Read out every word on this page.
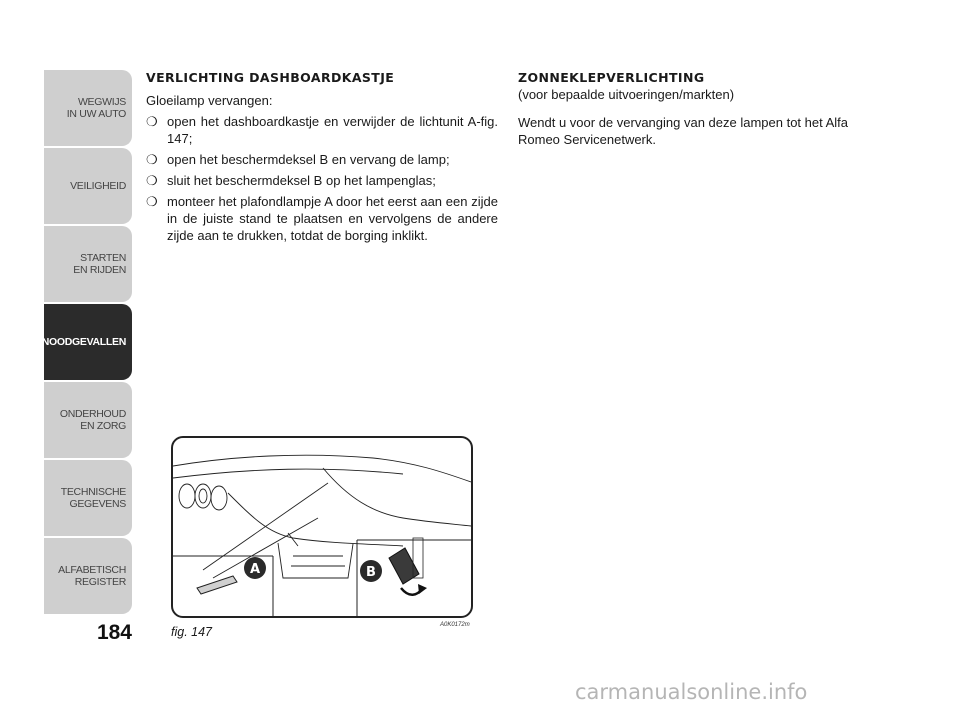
WEGWIJS
IN UW AUTO
VEILIGHEID
STARTEN
EN RIJDEN
NOODGEVALLEN
ONDERHOUD
EN ZORG
TECHNISCHE
GEGEVENS
ALFABETISCH
REGISTER
184
VERLICHTING DASHBOARDKASTJE
Gloeilamp vervangen:
❍ open het dashboardkastje en verwijder de lichtunit A-fig. 147;
❍ open het beschermdeksel B en vervang de lamp;
❍ sluit het beschermdeksel B op het lampenglas;
❍ monteer het plafondlampje A door het eerst aan een zijde in de juiste stand te plaatsen en vervolgens de andere zijde aan te drukken, totdat de borging inklikt.
ZONNEKLEPVERLICHTING
(voor bepaalde uitvoeringen/markten)
Wendt u voor de vervanging van deze lampen tot het Alfa Romeo Servicenetwerk.
A	B
fig. 147	A0K0172m
carmanualsonline.info
